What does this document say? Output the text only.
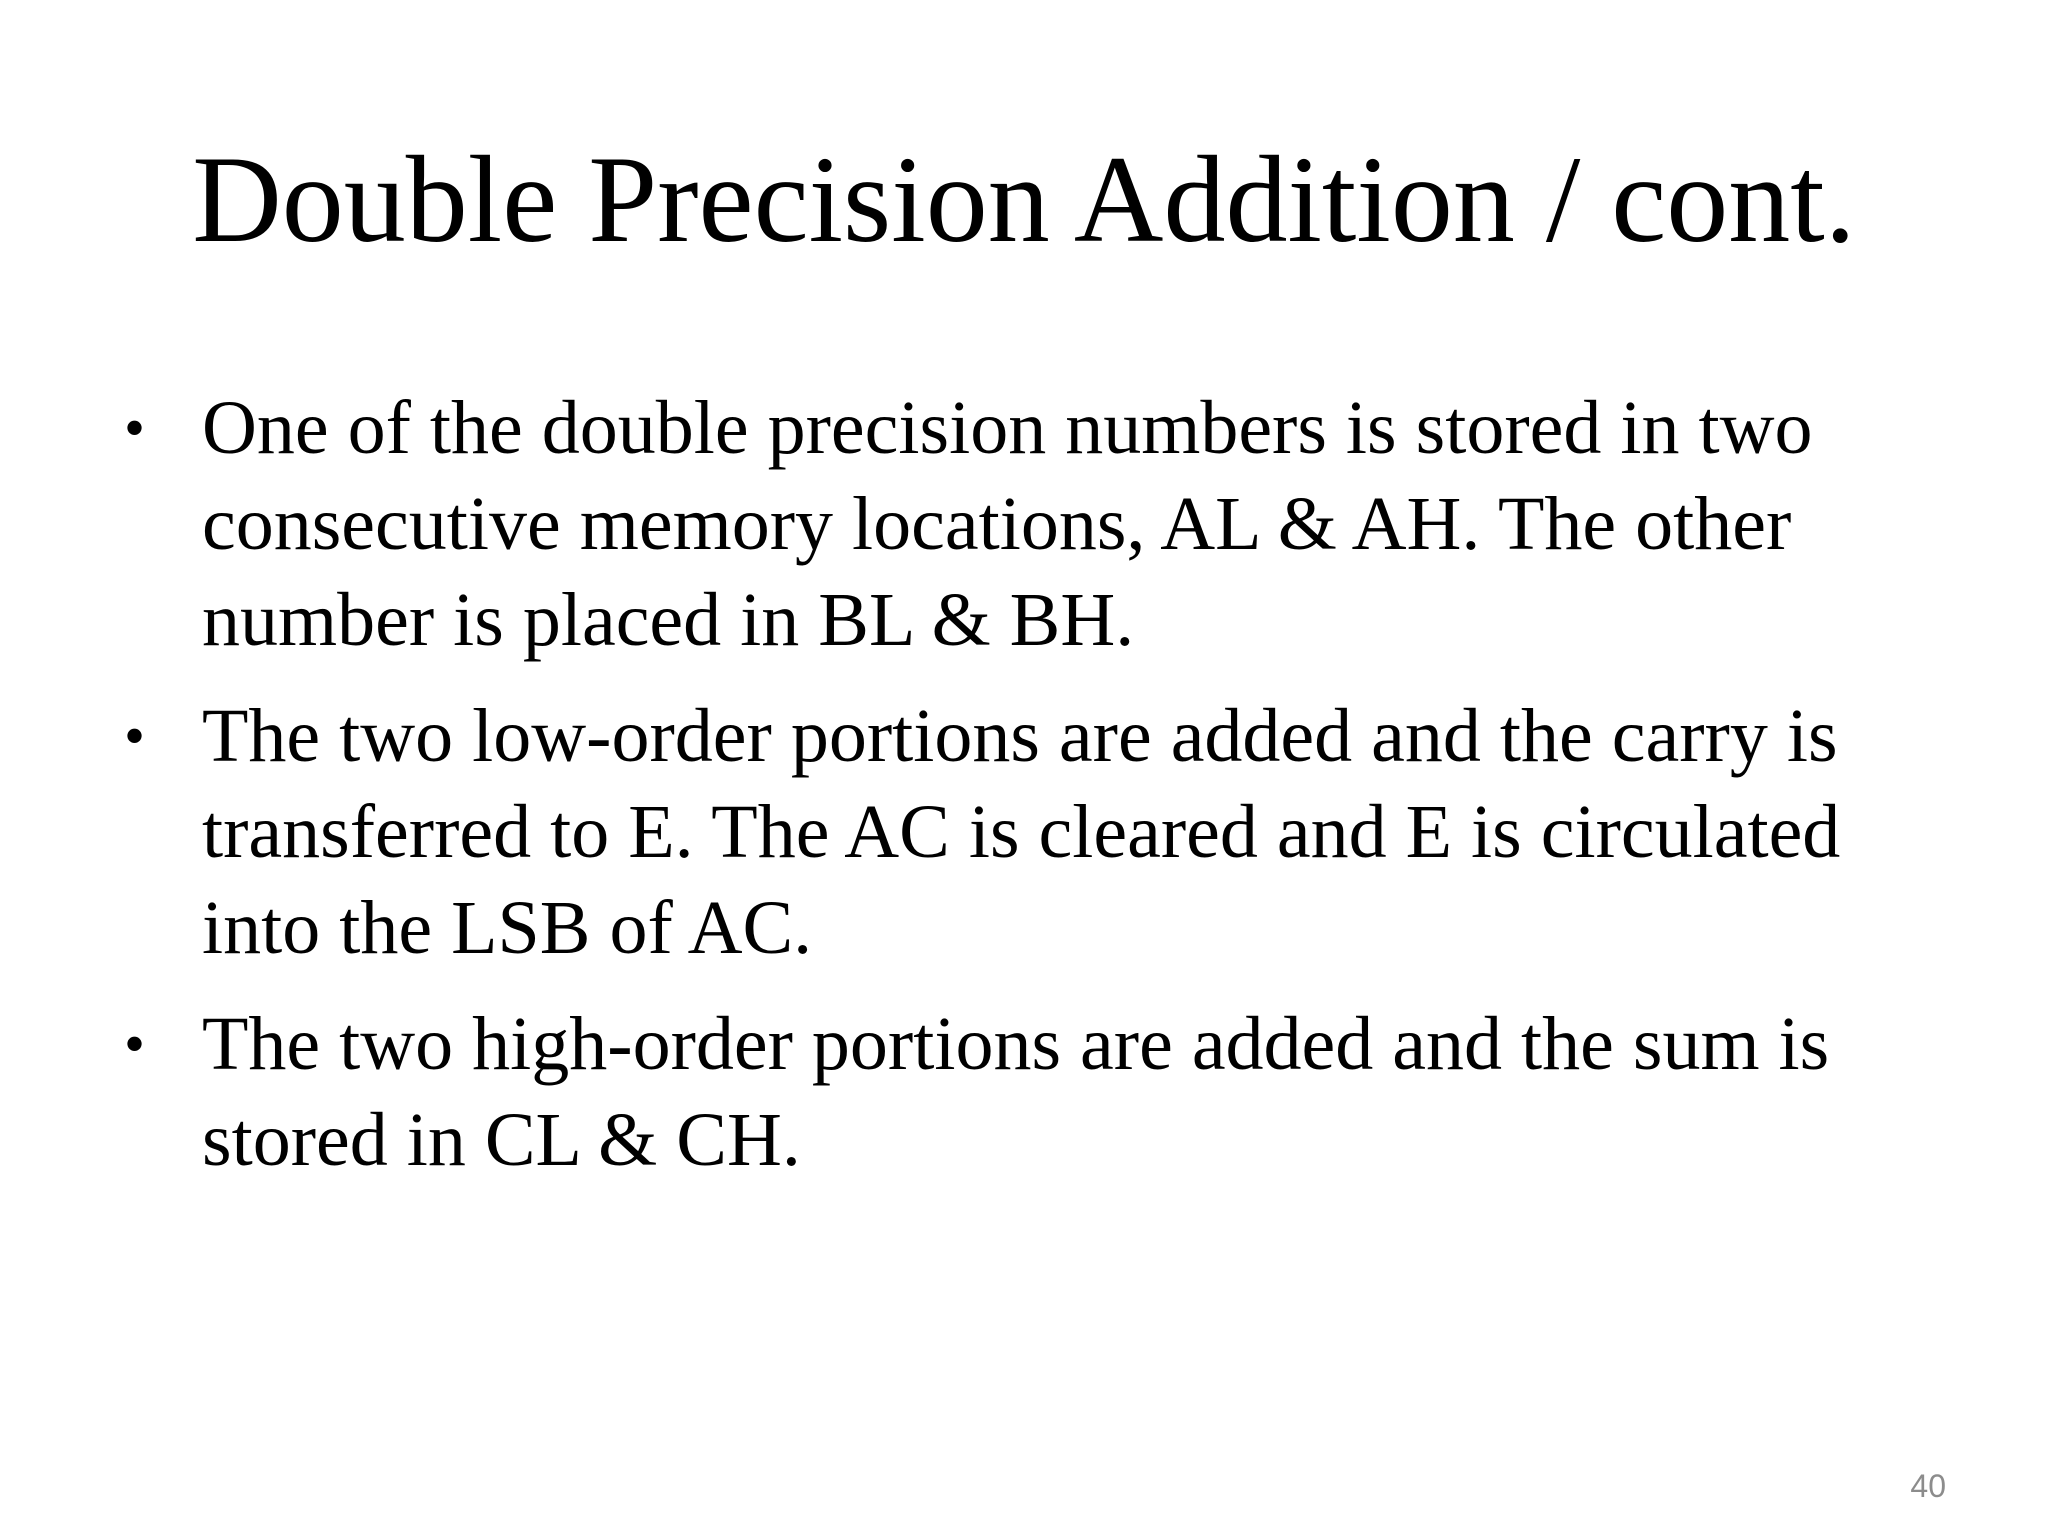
Double Precision Addition / cont.
• One of the double precision numbers is stored in two consecutive memory locations, AL & AH. The other number is placed in BL & BH.
• The two low-order portions are added and the carry is transferred to E. The AC is cleared and E is circulated into the LSB of AC.
• The two high-order portions are added and the sum is stored in CL & CH.
40
